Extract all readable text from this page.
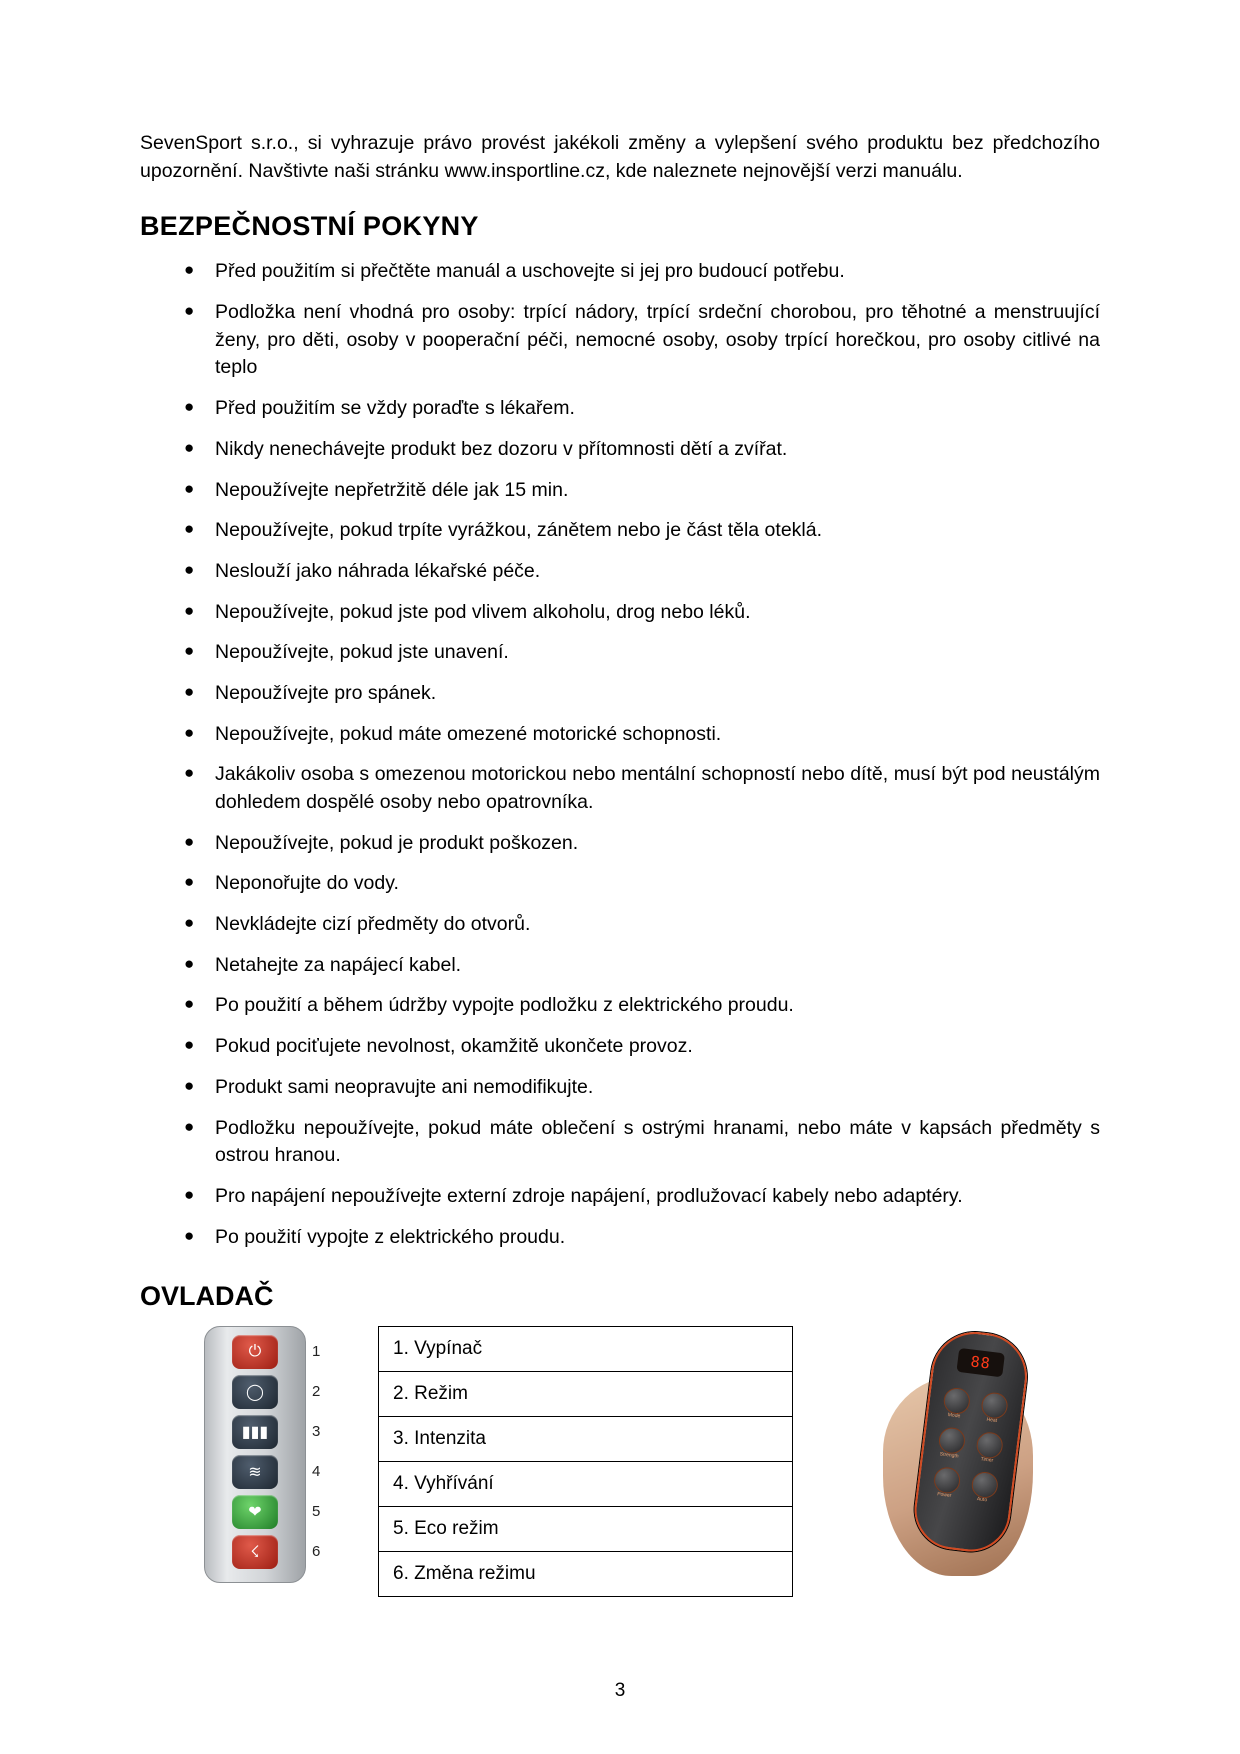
SevenSport s.r.o., si vyhrazuje právo provést jakékoli změny a vylepšení svého produktu bez předchozího upozornění. Navštivte naši stránku www.insportline.cz, kde naleznete nejnovější verzi manuálu.

BEZPEČNOSTNÍ POKYNY
● Před použitím si přečtěte manuál a uschovejte si jej pro budoucí potřebu.
● Podložka není vhodná pro osoby: trpící nádory, trpící srdeční chorobou, pro těhotné a menstruující ženy, pro děti, osoby v pooperační péči, nemocné osoby, osoby trpící horečkou, pro osoby citlivé na teplo
● Před použitím se vždy poraďte s lékařem.
● Nikdy nenechávejte produkt bez dozoru v přítomnosti dětí a zvířat.
● Nepoužívejte nepřetržitě déle jak 15 min.
● Nepoužívejte, pokud trpíte vyrážkou, zánětem nebo je část těla oteklá.
● Neslouží jako náhrada lékařské péče.
● Nepoužívejte, pokud jste pod vlivem alkoholu, drog nebo léků.
● Nepoužívejte, pokud jste unavení.
● Nepoužívejte pro spánek.
● Nepoužívejte, pokud máte omezené motorické schopnosti.
● Jakákoliv osoba s omezenou motorickou nebo mentální schopností nebo dítě, musí být pod neustálým dohledem dospělé osoby nebo opatrovníka.
● Nepoužívejte, pokud je produkt poškozen.
● Neponořujte do vody.
● Nevkládejte cizí předměty do otvorů.
● Netahejte za napájecí kabel.
● Po použití a během údržby vypojte podložku z elektrického proudu.
● Pokud pociťujete nevolnost, okamžitě ukončete provoz.
● Produkt sami neopravujte ani nemodifikujte.
● Podložku nepoužívejte, pokud máte oblečení s ostrými hranami, nebo máte v kapsách předměty s ostrou hranou.
● Pro napájení nepoužívejte externí zdroje napájení, prodlužovací kabely nebo adaptéry.
● Po použití vypojte z elektrického proudu.
OVLADAČ
⏻
◯
▮▮▮
≋
❤
☇
1
2
3
4
5
6
1. Vypínač
2. Režim
3. Intenzita
4. Vyhřívání
5. Eco režim
6. Změna režimu
88
Mode
Heat
Strength
Timer
Power
Auto
3
